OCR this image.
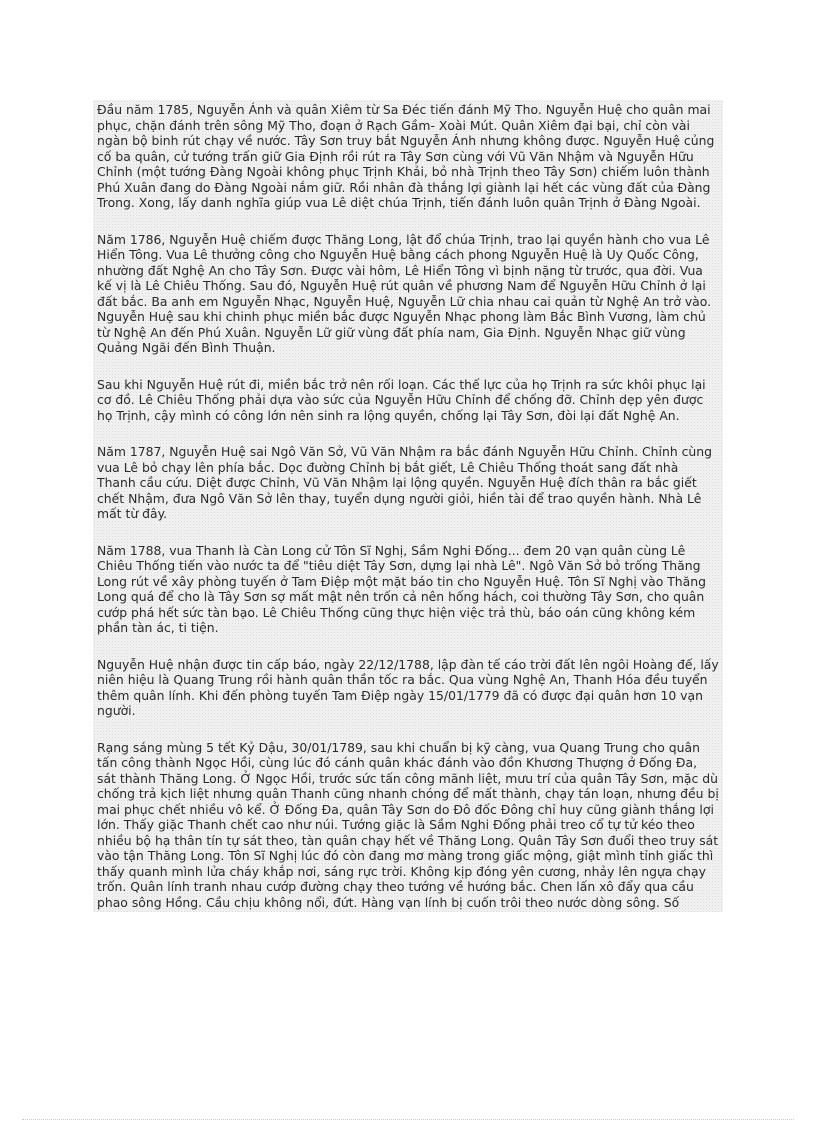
Đầu năm 1785, Nguyễn Ánh và quân Xiêm từ Sa Đéc tiến đánh Mỹ Tho. Nguyễn Huệ cho quân mai phục, chặn đánh trên sông Mỹ Tho, đoạn ở Rạch Gầm- Xoài Mút. Quân Xiêm đại bại, chỉ còn vài ngàn bộ binh rút chạy về nước. Tây Sơn truy bắt Nguyễn Ánh nhưng không được. Nguyễn Huệ củng cố ba quân, cử tướng trấn giữ Gia Định rồi rút ra Tây Sơn cùng với Vũ Văn Nhậm và Nguyễn Hữu Chỉnh (một tướng Đàng Ngoài không phục Trịnh Khải, bỏ nhà Trịnh theo Tây Sơn) chiếm luôn thành Phú Xuân đang do Đàng Ngoài nắm giữ. Rồi nhân đà thắng lợi giành lại hết các vùng đất của Đàng Trong. Xong, lấy danh nghĩa giúp vua Lê diệt chúa Trịnh, tiến đánh luôn quân Trịnh ở Đàng Ngoài.

Năm 1786, Nguyễn Huệ chiếm được Thăng Long, lật đổ chúa Trịnh, trao lại quyền hành cho vua Lê Hiển Tông. Vua Lê thưởng công cho Nguyễn Huệ bằng cách phong Nguyễn Huệ là Uy Quốc Công, nhường đất Nghệ An cho Tây Sơn. Được vài hôm, Lê Hiển Tông vì bịnh nặng từ trước, qua đời. Vua kế vị là Lê Chiêu Thống. Sau đó, Nguyễn Huệ rút quân về phương Nam để Nguyễn Hữu Chỉnh ở lại đất bắc. Ba anh em Nguyễn Nhạc, Nguyễn Huệ, Nguyễn Lữ chia nhau cai quản từ Nghệ An trở vào. Nguyễn Huệ sau khi chinh phục miền bắc được Nguyễn Nhạc phong làm Bắc Bình Vương, làm chủ từ Nghệ An đến Phú Xuân. Nguyễn Lữ giữ vùng đất phía nam, Gia Định. Nguyễn Nhạc giữ vùng Quảng Ngãi đến Bình Thuận.

Sau khi Nguyễn Huệ rút đi, miền bắc trở nên rối loạn. Các thế lực của họ Trịnh ra sức khôi phục lại cơ đồ. Lê Chiêu Thống phải dựa vào sức của Nguyễn Hữu Chỉnh để chống đỡ. Chỉnh dẹp yên được họ Trịnh, cậy mình có công lớn nên sinh ra lộng quyền, chống lại Tây Sơn, đòi lại đất Nghệ An.

Năm 1787, Nguyễn Huệ sai Ngô Văn Sở, Vũ Văn Nhậm ra bắc đánh Nguyễn Hữu Chỉnh. Chỉnh cùng vua Lê bỏ chạy lên phía bắc. Dọc đường Chỉnh bị bắt giết, Lê Chiêu Thống thoát sang đất nhà Thanh cầu cứu. Diệt được Chỉnh, Vũ Văn Nhậm lại lộng quyền. Nguyễn Huệ đích thân ra bắc giết chết Nhậm, đưa Ngô Văn Sở lên thay, tuyển dụng người giỏi, hiền tài để trao quyền hành. Nhà Lê mất từ đây.

Năm 1788, vua Thanh là Càn Long cử Tôn Sĩ Nghị, Sầm Nghi Đống... đem 20 vạn quân cùng Lê Chiêu Thống tiến vào nước ta để "tiêu diệt Tây Sơn, dựng lại nhà Lê". Ngô Văn Sở bỏ trống Thăng Long rút về xây phòng tuyến ở Tam Điệp một mặt báo tin cho Nguyễn Huệ. Tôn Sĩ Nghị vào Thăng Long quá để cho là Tây Sơn sợ mất mật nên trốn cả nên hống hách, coi thường Tây Sơn, cho quân cướp phá hết sức tàn bạo. Lê Chiêu Thống cũng thực hiện việc trả thù, báo oán cũng không kém phần tàn ác, ti tiện.

Nguyễn Huệ nhận được tin cấp báo, ngày 22/12/1788, lập đàn tế cáo trời đất lên ngôi Hoàng đế, lấy niên hiệu là Quang Trung rồi hành quân thần tốc ra bắc. Qua vùng Nghệ An, Thanh Hóa đều tuyển thêm quân lính. Khi đến phòng tuyến Tam Điệp ngày 15/01/1779 đã có được đại quân hơn 10 vạn người.

Rạng sáng mùng 5 tết Kỷ Dậu, 30/01/1789, sau khi chuẩn bị kỹ càng, vua Quang Trung cho quân tấn công thành Ngọc Hồi, cùng lúc đó cánh quân khác đánh vào đồn Khương Thượng ở Đống Đa, sát thành Thăng Long. Ở Ngọc Hồi, trước sức tấn công mãnh liệt, mưu trí của quân Tây Sơn, mặc dù chống trả kịch liệt nhưng quân Thanh cũng nhanh chóng để mất thành, chạy tán loạn, nhưng đều bị mai phục chết nhiều vô kể. Ở Đống Đa, quân Tây Sơn do Đô đốc Đông chỉ huy cũng giành thắng lợi lớn. Thấy giặc Thanh chết cao như núi. Tướng giặc là Sầm Nghi Đống phải treo cổ tự tử kéo theo nhiều bộ hạ thân tín tự sát theo, tàn quân chạy hết về Thăng Long. Quân Tây Sơn đuổi theo truy sát vào tận Thăng Long. Tôn Sĩ Nghị lúc đó còn đang mơ màng trong giấc mộng, giật mình tỉnh giấc thì thấy quanh mình lửa cháy khắp nơi, sáng rực trời. Không kịp đóng yên cương, nhảy lên ngựa chạy trốn. Quân lính tranh nhau cướp đường chạy theo tướng về hướng bắc. Chen lấn xô đẩy qua cầu phao sông Hồng. Cầu chịu không nổi, đứt. Hàng vạn lính bị cuốn trôi theo nước dòng sông. Số
